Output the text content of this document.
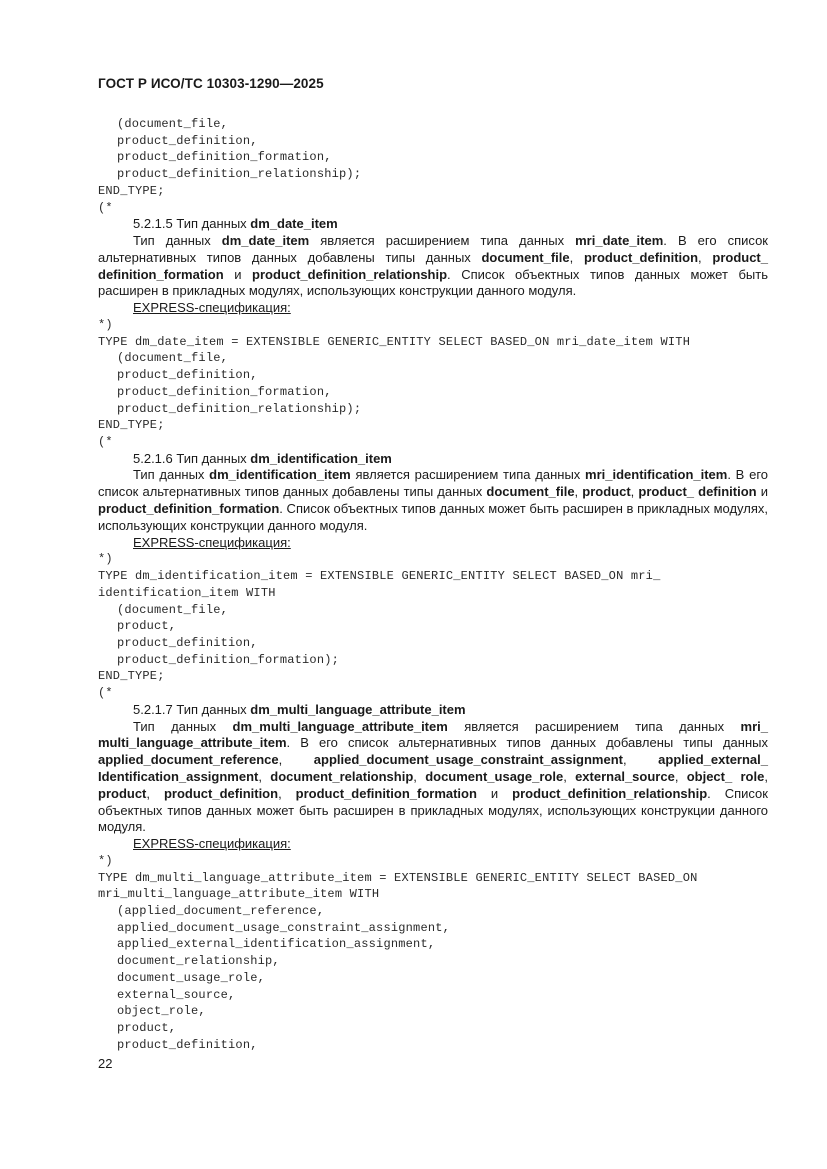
ГОСТ Р ИСО/ТС 10303-1290—2025
(document_file,
product_definition,
product_definition_formation,
product_definition_relationship);
END_TYPE;
(*

5.2.1.5 Тип данных dm_date_item

Тип данных dm_date_item является расширением типа данных mri_date_item. В его список альтернативных типов данных добавлены типы данных document_file, product_definition, product_ definition_formation и product_definition_relationship. Список объектных типов данных может быть расширен в прикладных модулях, использующих конструкции данного модуля.

EXPRESS-спецификация:

*)
TYPE dm_date_item = EXTENSIBLE GENERIC_ENTITY SELECT BASED_ON mri_date_item WITH
(document_file,
product_definition,
product_definition_formation,
product_definition_relationship);
END_TYPE;
(*

5.2.1.6 Тип данных dm_identification_item

Тип данных dm_identification_item является расширением типа данных mri_identification_item. В его список альтернативных типов данных добавлены типы данных document_file, product, product_ definition и product_definition_formation. Список объектных типов данных может быть расширен в прикладных модулях, использующих конструкции данного модуля.

EXPRESS-спецификация:

*)
TYPE dm_identification_item = EXTENSIBLE GENERIC_ENTITY SELECT BASED_ON mri_
identification_item WITH
(document_file,
product,
product_definition,
product_definition_formation);
END_TYPE;
(*

5.2.1.7 Тип данных dm_multi_language_attribute_item

Тип данных dm_multi_language_attribute_item является расширением типа данных mri_ multi_language_attribute_item. В его список альтернативных типов данных добавлены типы данных applied_document_reference, applied_document_usage_constraint_assignment, applied_external_ Identification_assignment, document_relationship, document_usage_role, external_source, object_ role, product, product_definition, product_definition_formation и product_definition_relationship. Список объектных типов данных может быть расширен в прикладных модулях, использующих конструкции данного модуля.

EXPRESS-спецификация:

*)
TYPE dm_multi_language_attribute_item = EXTENSIBLE GENERIC_ENTITY SELECT BASED_ON
mri_multi_language_attribute_item WITH
(applied_document_reference,
applied_document_usage_constraint_assignment,
applied_external_identification_assignment,
document_relationship,
document_usage_role,
external_source,
object_role,
product,
product_definition,
22
